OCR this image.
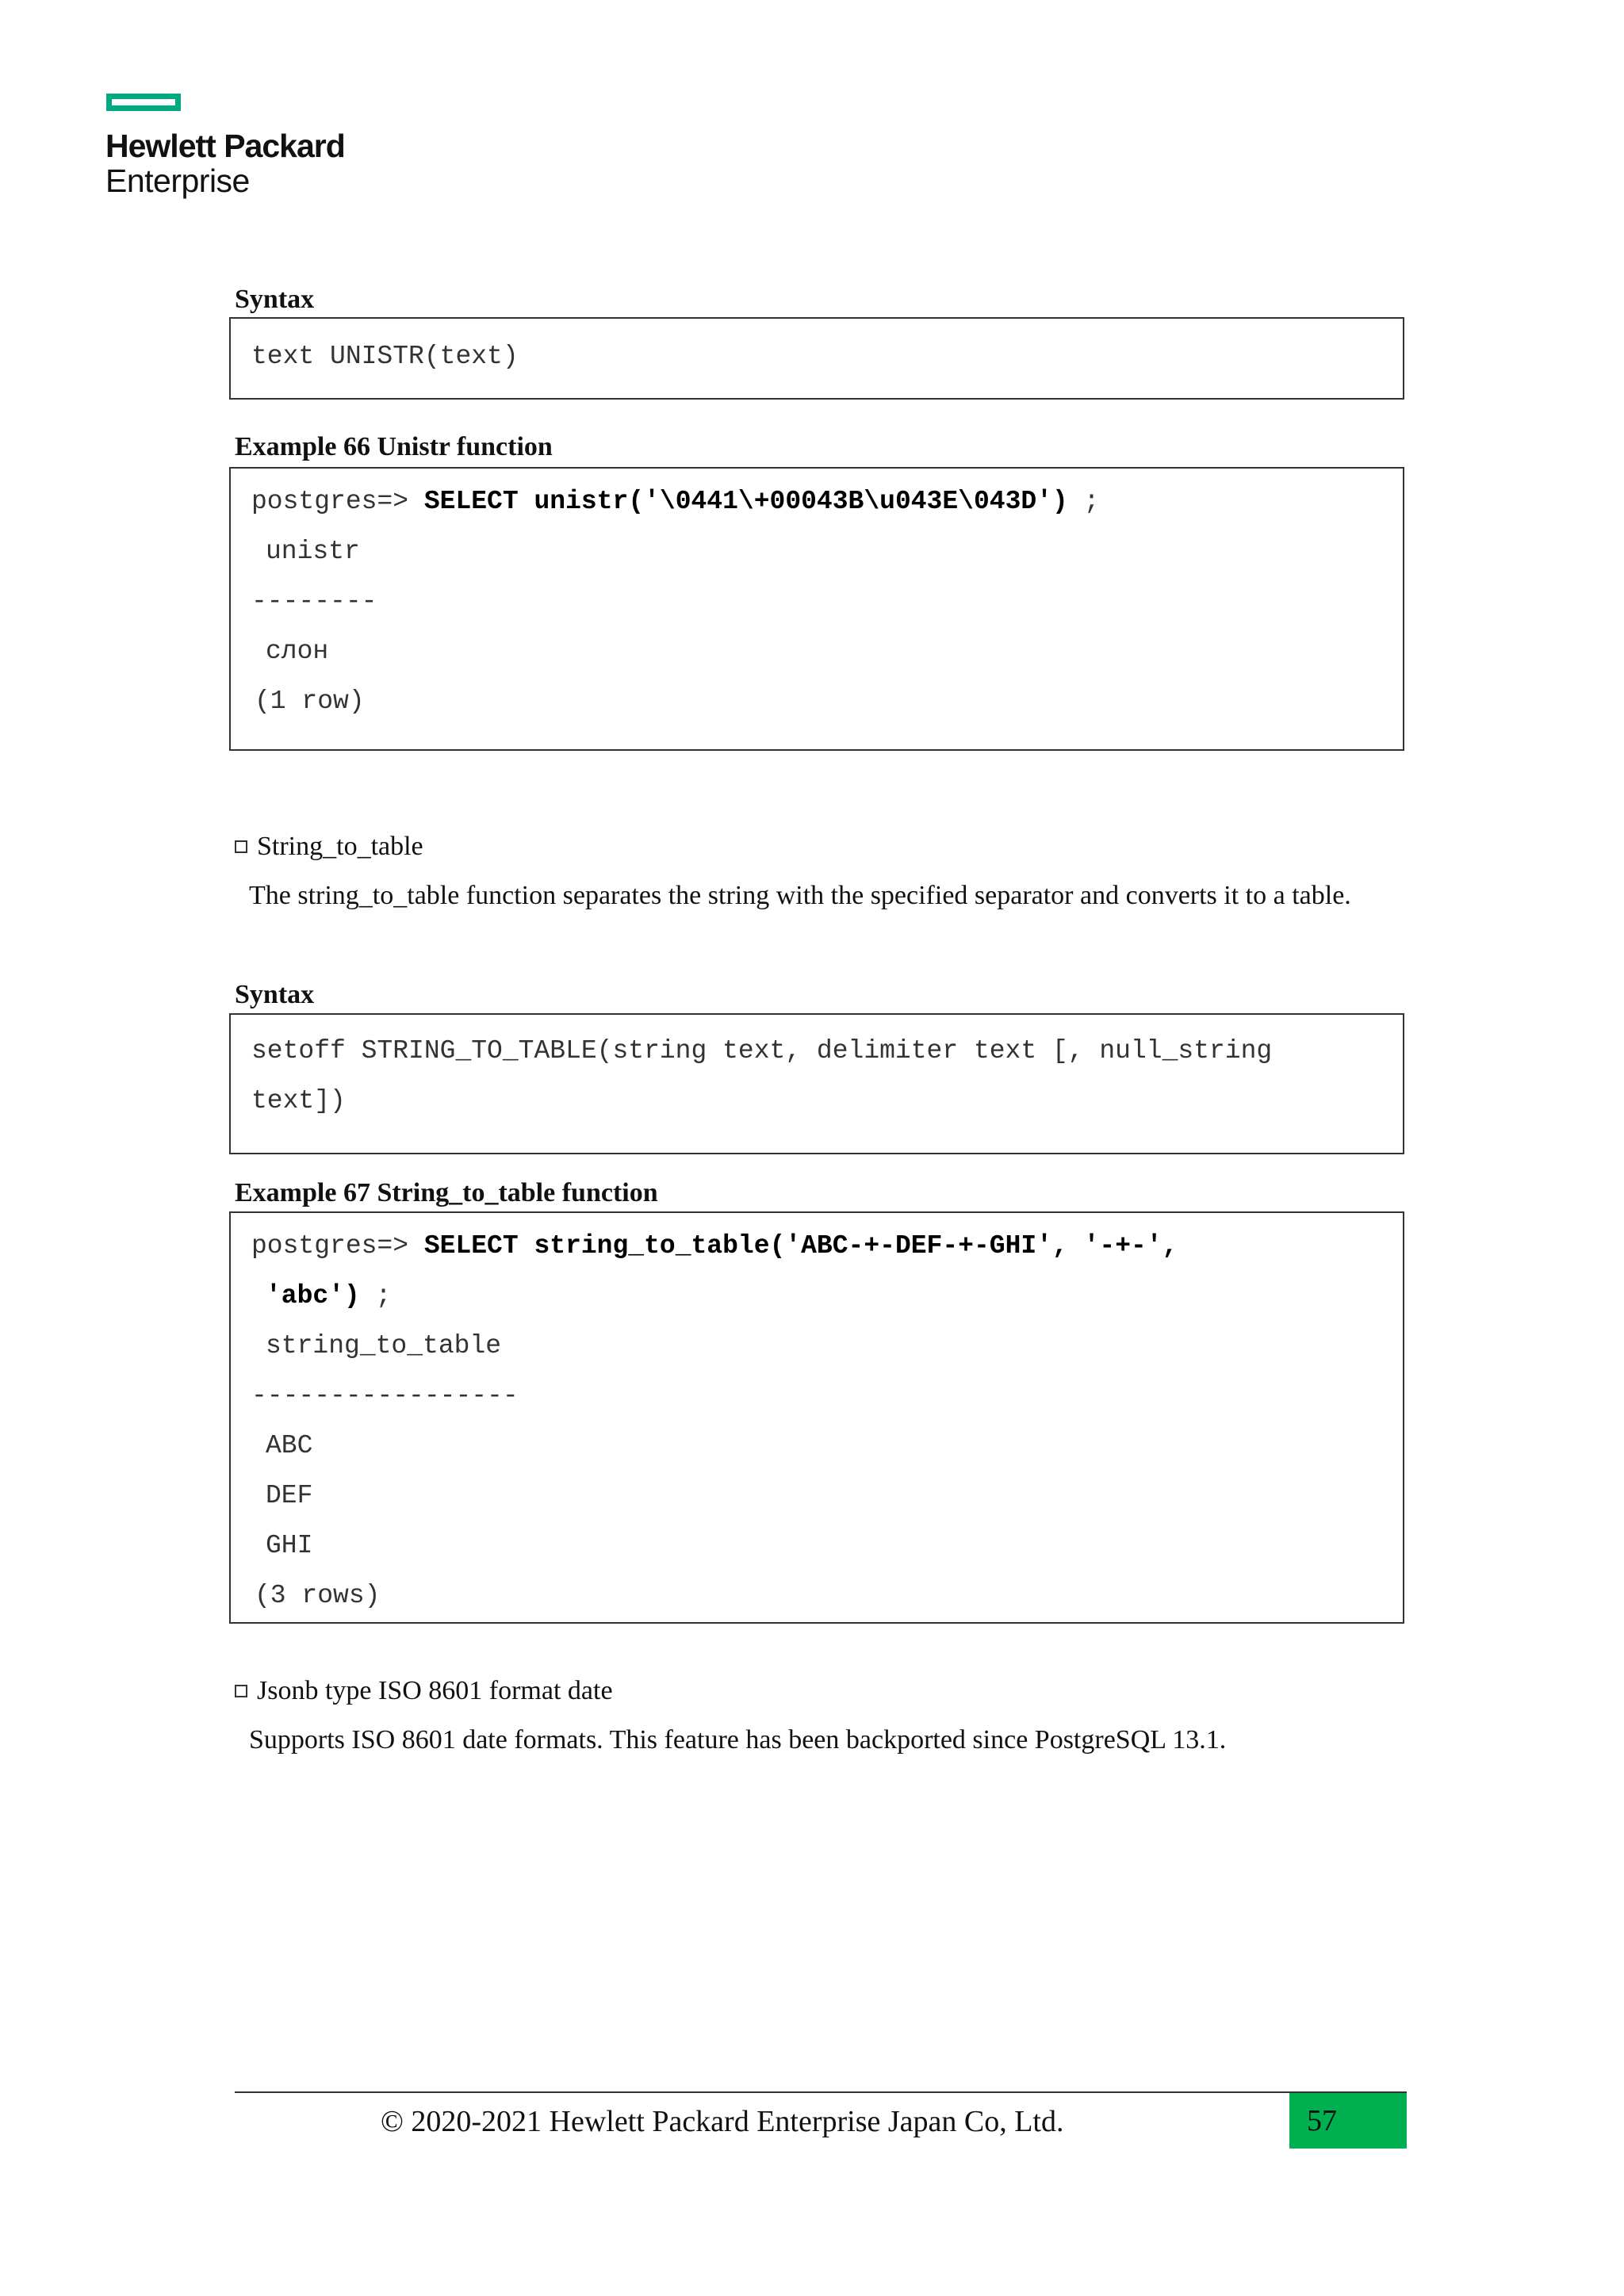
Hewlett Packard
Enterprise
Syntax
text UNISTR(text)
Example 66 Unistr function
postgres=> SELECT unistr('\0441\+00043B\u043E\043D') ;
unistr
--------
слон
(1 row)
String_to_table
The string_to_table function separates the string with the specified separator and converts it to a table.
Syntax
setoff STRING_TO_TABLE(string text, delimiter text [, null_string
text])
Example 67 String_to_table function
postgres=> SELECT string_to_table('ABC-+-DEF-+-GHI', '-+-',
'abc') ;
string_to_table
-----------------
ABC
DEF
GHI
(3 rows)
Jsonb type ISO 8601 format date
Supports ISO 8601 date formats. This feature has been backported since PostgreSQL 13.1.
© 2020-2021 Hewlett Packard Enterprise Japan Co, Ltd.	57
